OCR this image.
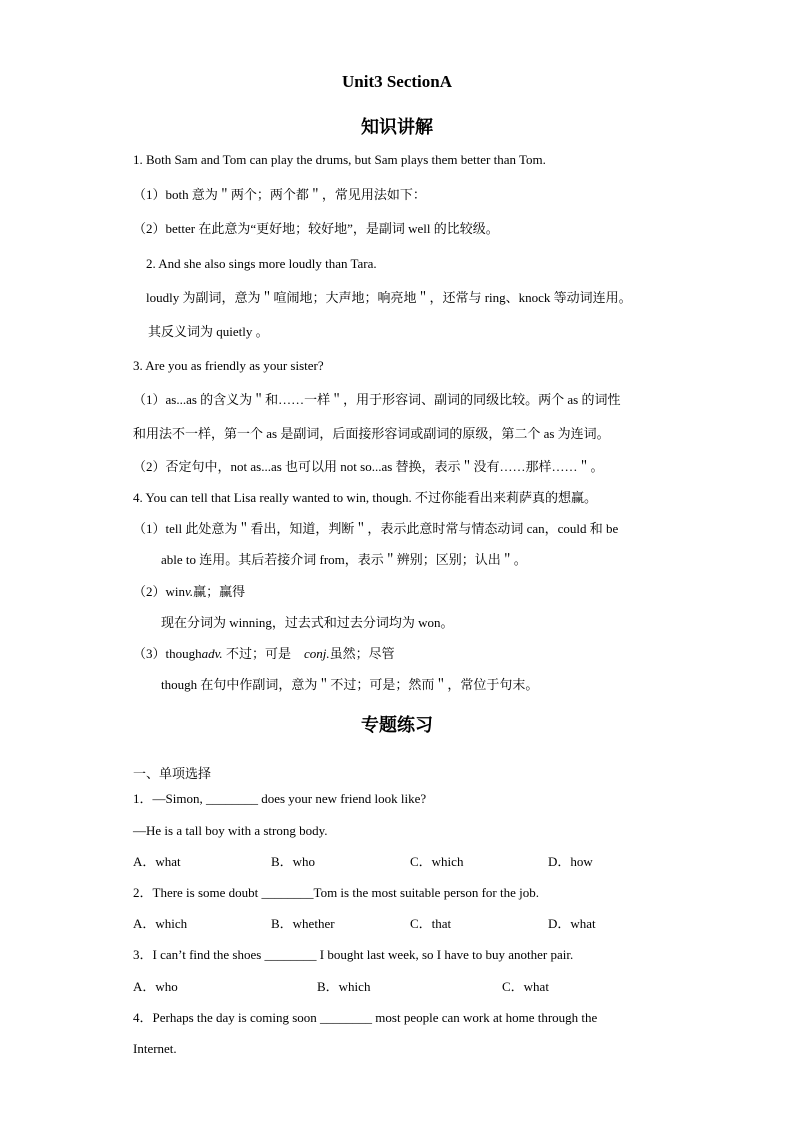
Unit3 SectionA
知识讲解
1. Both Sam and Tom can play the drums, but Sam plays them better than Tom.
（1）both 意为＂两个；两个都＂，常见用法如下：
（2）better 在此意为“更好地；较好地”，是副词 well 的比较级。
2. And she also sings more loudly than Tara.
loudly 为副词，意为＂喧闹地；大声地；响亮地＂，还常与 ring、knock 等动词连用。
其反义词为 quietly 。
3. Are you as friendly as your sister?
（1）as...as 的含义为＂和……一样＂，用于形容词、副词的同级比较。两个 as 的词性
和用法不一样，第一个 as 是副词，后面接形容词或副词的原级，第二个 as 为连词。
（2）否定句中，not as...as 也可以用 not so...as 替换，表示＂没有……那样……＂。
4. You can tell that Lisa really wanted to win, though. 不过你能看出来莉萨真的想赢。
（1）tell 此处意为＂看出，知道，判断＂，表示此意时常与情态动词 can，could 和 be
able to 连用。其后若接介词 from，表示＂辨别；区别；认出＂。
（2）winv.赢；赢得
现在分词为 winning，过去式和过去分词均为 won。
（3）thoughadv. 不过；可是    conj.虽然；尽管
though 在句中作副词，意为＂不过；可是；然而＂，常位于句末。
专题练习
一、单项选择
1．—Simon, ________ does your new friend look like?
—He is a tall boy with a strong body.
A．what	B．who	C．which	D．how
2．There is some doubt ________Tom is the most suitable person for the job.
A．which	B．whether	C．that	D．what
3．I can’t find the shoes ________ I bought last week, so I have to buy another pair.
A．who	B．which	C．what
4．Perhaps the day is coming soon ________ most people can work at home through the
Internet.
